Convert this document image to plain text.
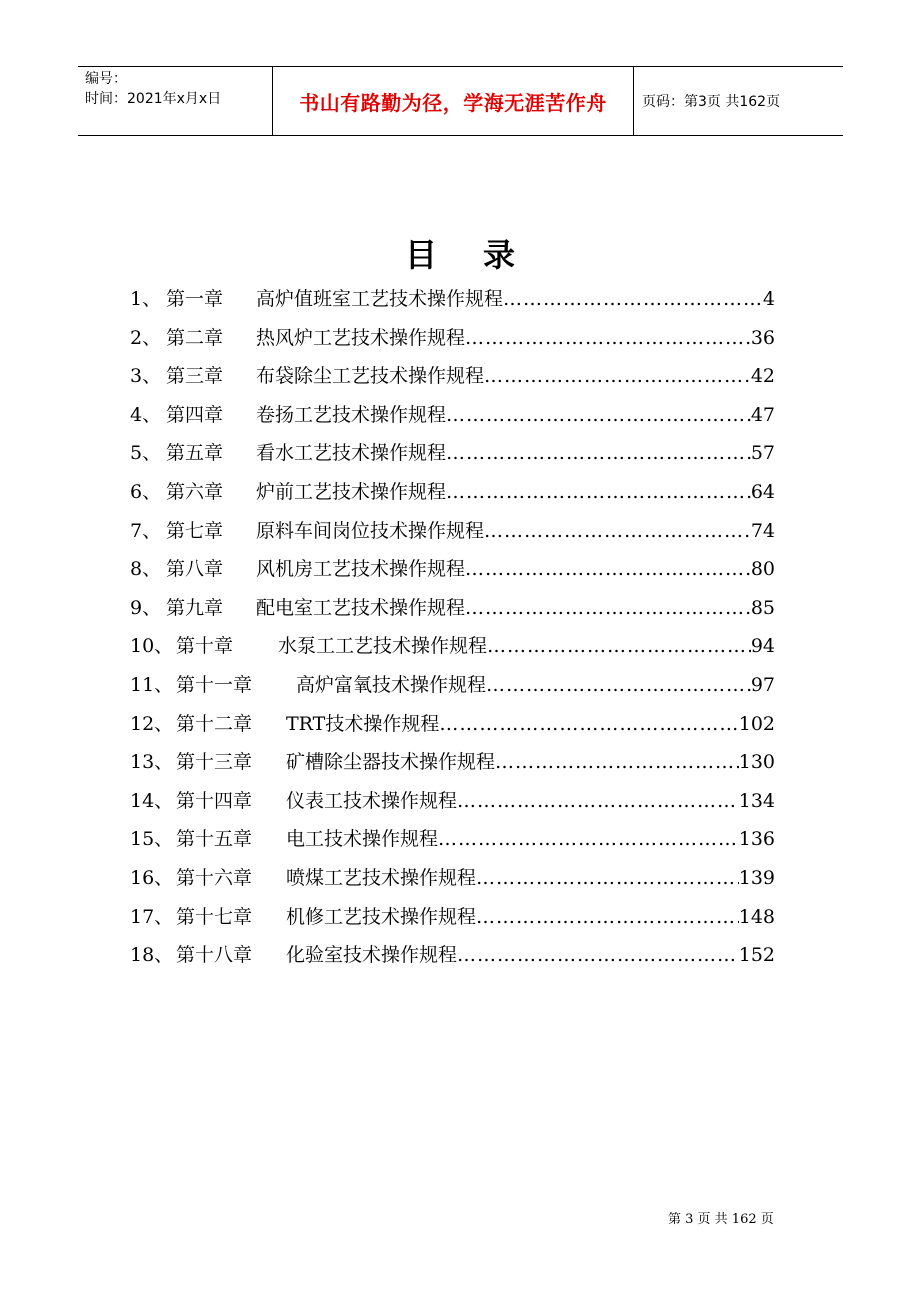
编号：
时间：2021年x月x日	书山有路勤为径，学海无涯苦作舟	页码：第3页 共162页
目录
1、 第一章	高炉值班室工艺技术操作规程 ……………………………………………………………………………………………………………	4
2、 第二章	热风炉工艺技术操作规程 ……………………………………………………………………………………………………………	36
3、 第三章	布袋除尘工艺技术操作规程 ……………………………………………………………………………………………………………	42
4、 第四章	卷扬工艺技术操作规程 ……………………………………………………………………………………………………………	47
5、 第五章	看水工艺技术操作规程 ……………………………………………………………………………………………………………	57
6、 第六章	炉前工艺技术操作规程 ……………………………………………………………………………………………………………	64
7、 第七章	原料车间岗位技术操作规程 ……………………………………………………………………………………………………………	74
8、 第八章	风机房工艺技术操作规程 ……………………………………………………………………………………………………………	80
9、 第九章	配电室工艺技术操作规程 ……………………………………………………………………………………………………………	85
10、 第十章	水泵工工艺技术操作规程 ……………………………………………………………………………………………………………	94
11、 第十一章	高炉富氧技术操作规程 ……………………………………………………………………………………………………………	97
12、 第十二章	TRT技术操作规程 ……………………………………………………………………………………………………………	102
13、 第十三章	矿槽除尘器技术操作规程 ……………………………………………………………………………………………………………	130
14、 第十四章	仪表工技术操作规程 ……………………………………………………………………………………………………………	134
15、 第十五章	电工技术操作规程 ……………………………………………………………………………………………………………	136
16、 第十六章	喷煤工艺技术操作规程 ……………………………………………………………………………………………………………	139
17、 第十七章	机修工艺技术操作规程 ……………………………………………………………………………………………………………	148
18、 第十八章	化验室技术操作规程 ……………………………………………………………………………………………………………	152
第 3 页 共 162 页
